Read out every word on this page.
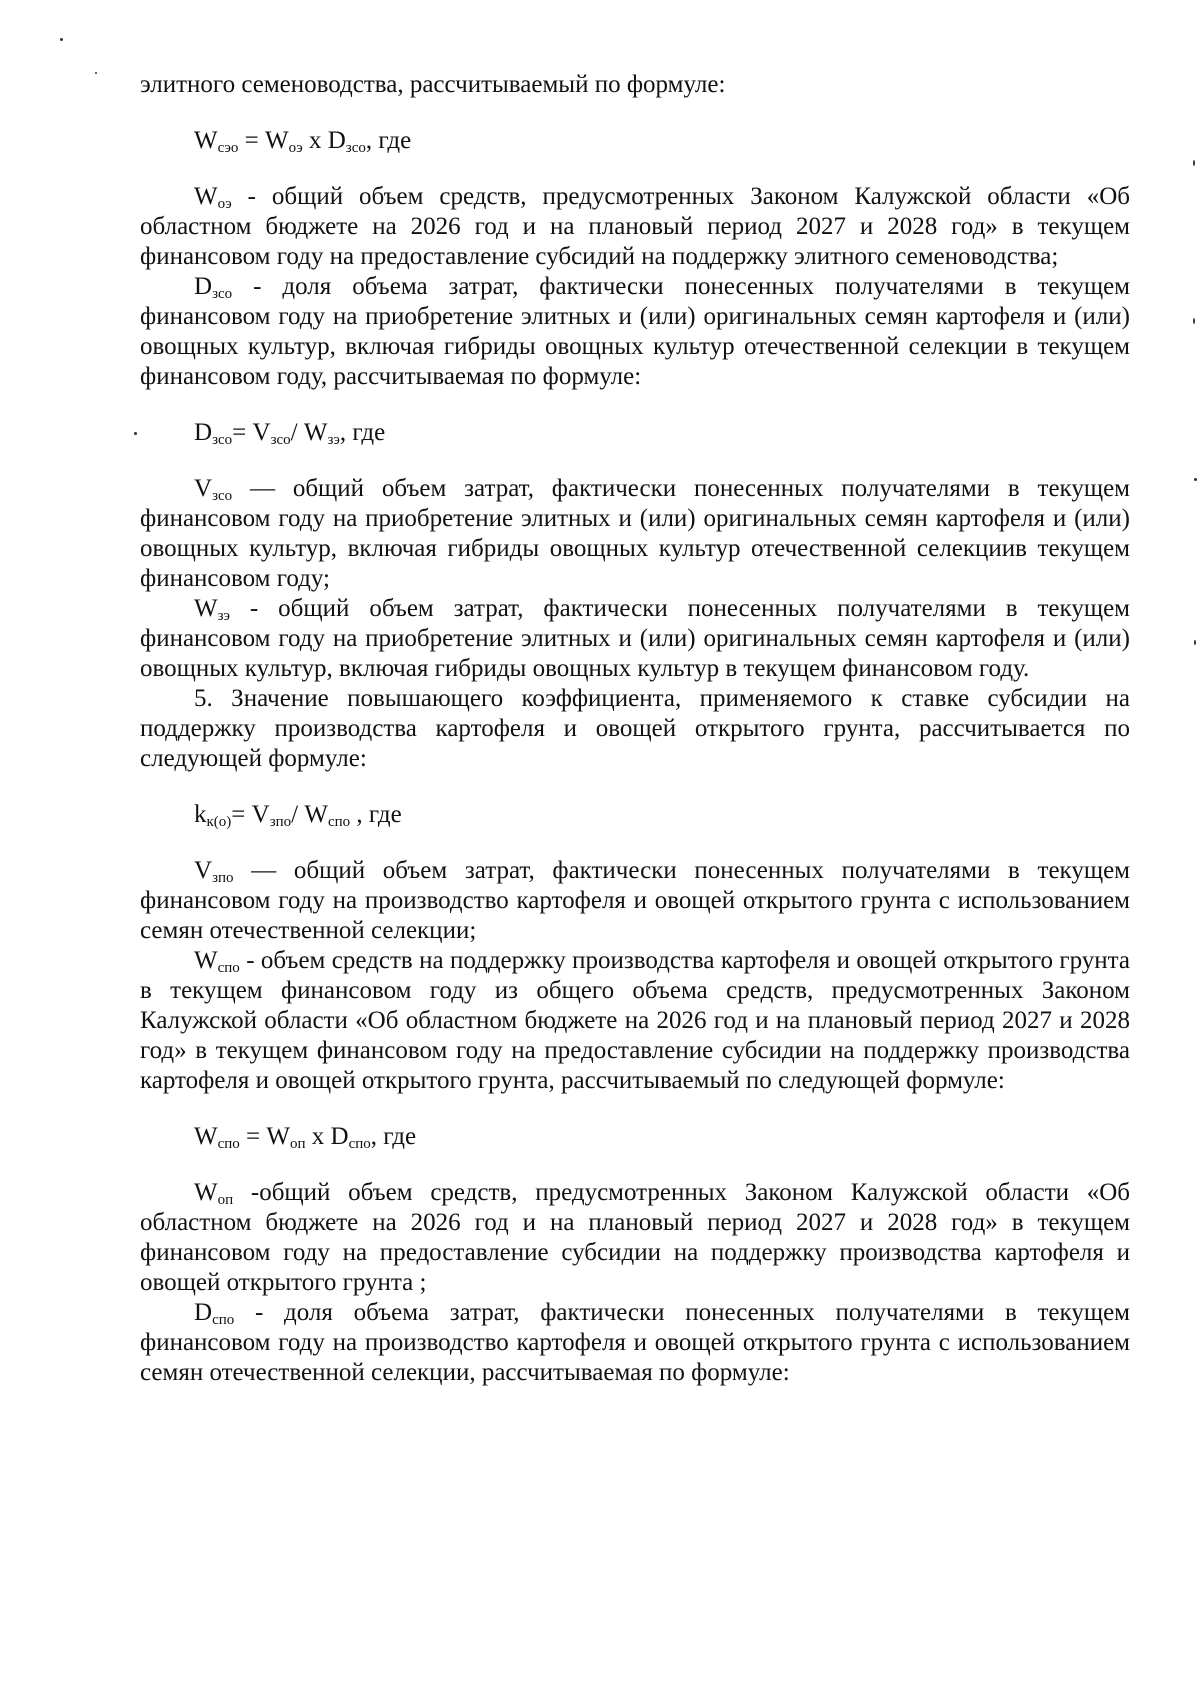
элитного семеноводства, рассчитываемый по формуле:

$W_{сэо} = W_{оэ}$ х $D_{зсо}$, где

$W_{оэ}$ - общий объем средств, предусмотренных Законом Калужской области «Об областном бюджете на 2026 год и на плановый период 2027 и 2028 год» в текущем финансовом году на предоставление субсидий на поддержку элитного семеноводства;

$D_{зсо}$ - доля объема затрат, фактически понесенных получателями в текущем финансовом году на приобретение элитных и (или) оригинальных семян картофеля и (или) овощных культур, включая гибриды овощных культур отечественной селекции в текущем финансовом году, рассчитываемая по формуле:

$D_{зсо}= V_{зсо}/$ $W_{зэ}$, где

$V_{зсо}$ — общий объем затрат, фактически понесенных получателями в текущем финансовом году на приобретение элитных и (или) оригинальных семян картофеля и (или) овощных культур, включая гибриды овощных культур отечественной селекциив текущем финансовом году;

$W_{зэ}$ - общий объем затрат, фактически понесенных получателями в текущем финансовом году на приобретение элитных и (или) оригинальных семян картофеля и (или) овощных культур, включая гибриды овощных культур в текущем финансовом году.

5. Значение повышающего коэффициента, применяемого к ставке субсидии на поддержку производства картофеля и овощей открытого грунта, рассчитывается по следующей формуле:

$k_{к(о)}= V_{зпо}/$ $W_{спо}$ , где

$V_{зпо}$ — общий объем затрат, фактически понесенных получателями в текущем финансовом году на производство картофеля и овощей открытого грунта с использованием семян отечественной селекции;

$W_{спо}$ - объем средств на поддержку производства картофеля и овощей открытого грунта в текущем финансовом году из общего объема средств, предусмотренных Законом Калужской области «Об областном бюджете на 2026 год и на плановый период 2027 и 2028 год» в текущем финансовом году на предоставление субсидии на поддержку производства картофеля и овощей открытого грунта, рассчитываемый по следующей формуле:

$W_{спо} = W_{оп}$ х $D_{спо}$, где

$W_{оп}$ -общий объем средств, предусмотренных Законом Калужской области «Об областном бюджете на 2026 год и на плановый период 2027 и 2028 год» в текущем финансовом году на предоставление субсидии на поддержку производства картофеля и овощей открытого грунта ;

$D_{спо}$ - доля объема затрат, фактически понесенных получателями в текущем финансовом году на производство картофеля и овощей открытого грунта с использованием семян отечественной селекции, рассчитываемая по формуле:
